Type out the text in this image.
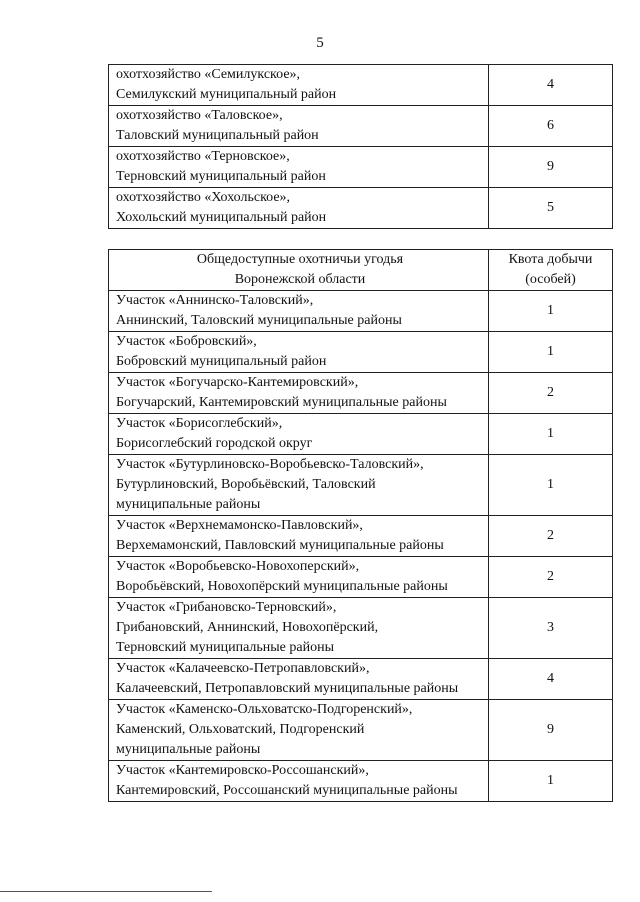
5
охотхозяйство «Семилукское»,
Семилукский муниципальный район	4

охотхозяйство «Таловское»,
Таловский муниципальный район	6

охотхозяйство «Терновское»,
Терновский муниципальный район	9

охотхозяйство «Хохольское»,
Хохольский муниципальный район	5
Общедоступные охотничьи угодья
Воронежской области	Квота добычи
(особей)

Участок «Аннинско-Таловский»,
Аннинский, Таловский муниципальные районы	1

Участок «Бобровский»,
Бобровский муниципальный район	1

Участок «Богучарско-Кантемировский»,
Богучарский, Кантемировский муниципальные районы	2

Участок «Борисоглебский»,
Борисоглебский городской округ	1

Участок «Бутурлиновско-Воробьевско-Таловский»,
Бутурлиновский, Воробьёвский, Таловский
муниципальные районы	1

Участок «Верхнемамонско-Павловский»,
Верхемамонский, Павловский муниципальные районы	2

Участок «Воробьевско-Новохоперский»,
Воробьёвский, Новохопёрский муниципальные районы	2

Участок «Грибановско-Терновский»,
Грибановский, Аннинский, Новохопёрский,
Терновский муниципальные районы	3

Участок «Калачеевско-Петропавловский»,
Калачеевский, Петропавловский муниципальные районы	4

Участок «Каменско-Ольховатско-Подгоренский»,
Каменский, Ольховатский, Подгоренский
муниципальные районы	9

Участок «Кантемировско-Россошанский»,
Кантемировский, Россошанский муниципальные районы	1
